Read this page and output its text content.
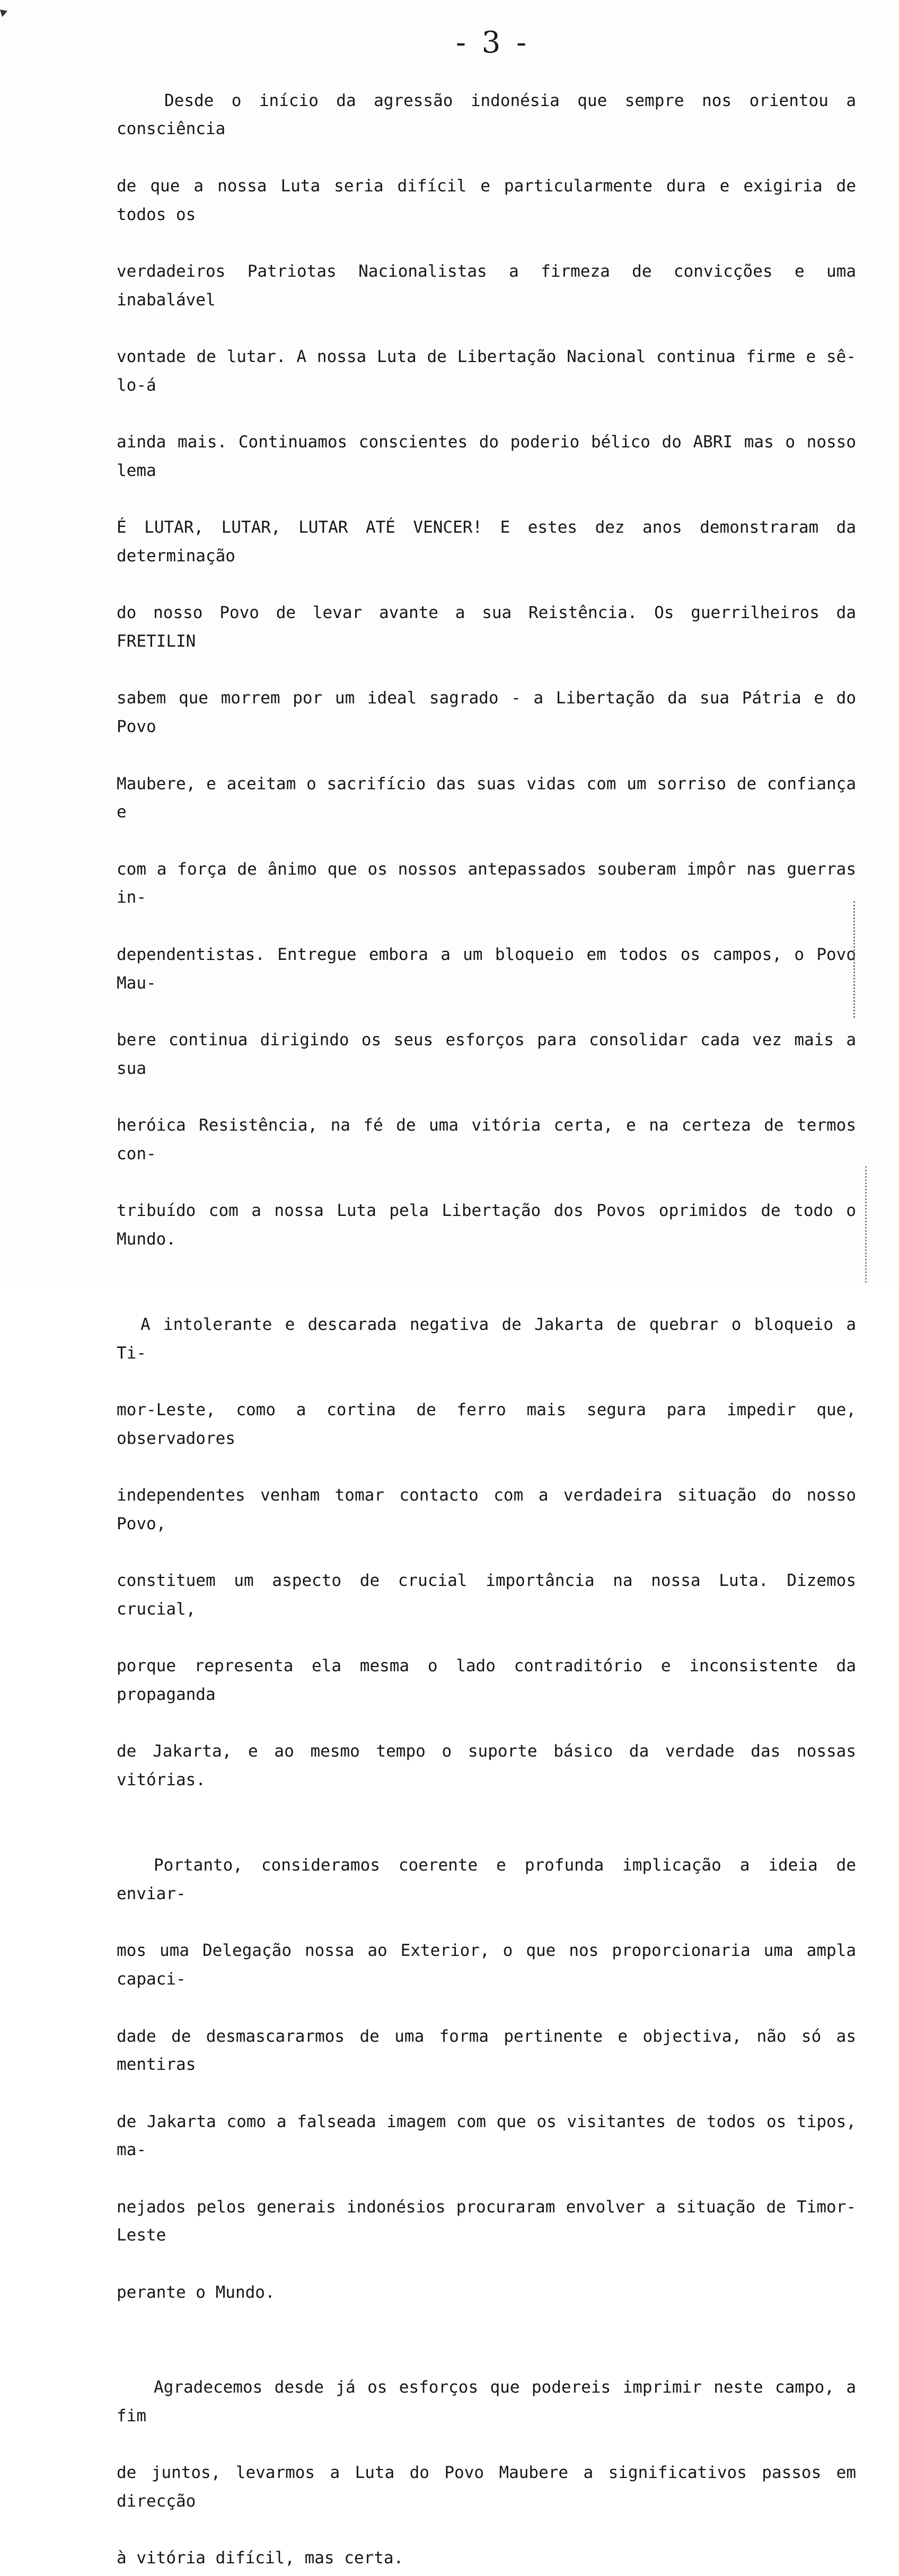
- 3 -

Desde o início da agressão indonésia que sempre nos orientou a consciência

de que a nossa Luta seria difícil e particularmente dura e exigiria de todos os

verdadeiros Patriotas Nacionalistas a firmeza de convicções e uma inabalável

vontade de lutar. A nossa Luta de Libertação Nacional continua firme e sê-lo-á

ainda mais. Continuamos conscientes do poderio bélico do ABRI mas o nosso lema

É LUTAR, LUTAR, LUTAR ATÉ VENCER! E estes dez anos demonstraram da determinação

do nosso Povo de levar avante a sua Reistência. Os guerrilheiros da FRETILIN

sabem que morrem por um ideal sagrado - a Libertação da sua Pátria e do Povo

Maubere, e aceitam o sacrifício das suas vidas com um sorriso de confiança e

com a força de ânimo que os nossos antepassados souberam impôr nas guerras in-

dependentistas. Entregue embora a um bloqueio em todos os campos, o Povo Mau-

bere continua dirigindo os seus esforços para consolidar cada vez mais a sua

heróica Resistência, na fé de uma vitória certa, e na certeza de termos con-

tribuído com a nossa Luta pela Libertação dos Povos oprimidos de todo o Mundo.

A intolerante e descarada negativa de Jakarta de quebrar o bloqueio a Ti-

mor-Leste, como a cortina de ferro mais segura para impedir que, observadores

independentes venham tomar contacto com a verdadeira situação do nosso Povo,

constituem um aspecto de crucial importância na nossa Luta. Dizemos crucial,

porque representa ela mesma o lado contraditório e inconsistente da propaganda

de Jakarta, e ao mesmo tempo o suporte básico da verdade das nossas vitórias.

Portanto, consideramos coerente e profunda implicação a ideia de enviar-

mos uma Delegação nossa ao Exterior, o que nos proporcionaria uma ampla capaci-

dade de desmascararmos de uma forma pertinente e objectiva, não só as mentiras

de Jakarta como a falseada imagem com que os visitantes de todos os tipos, ma-

nejados pelos generais indonésios procuraram envolver a situação de Timor-Leste

perante o Mundo.

Agradecemos desde já os esforços que podereis imprimir neste campo, a fim

de juntos, levarmos a Luta do Povo Maubere a significativos passos em direcção

à vitória difícil, mas certa.
